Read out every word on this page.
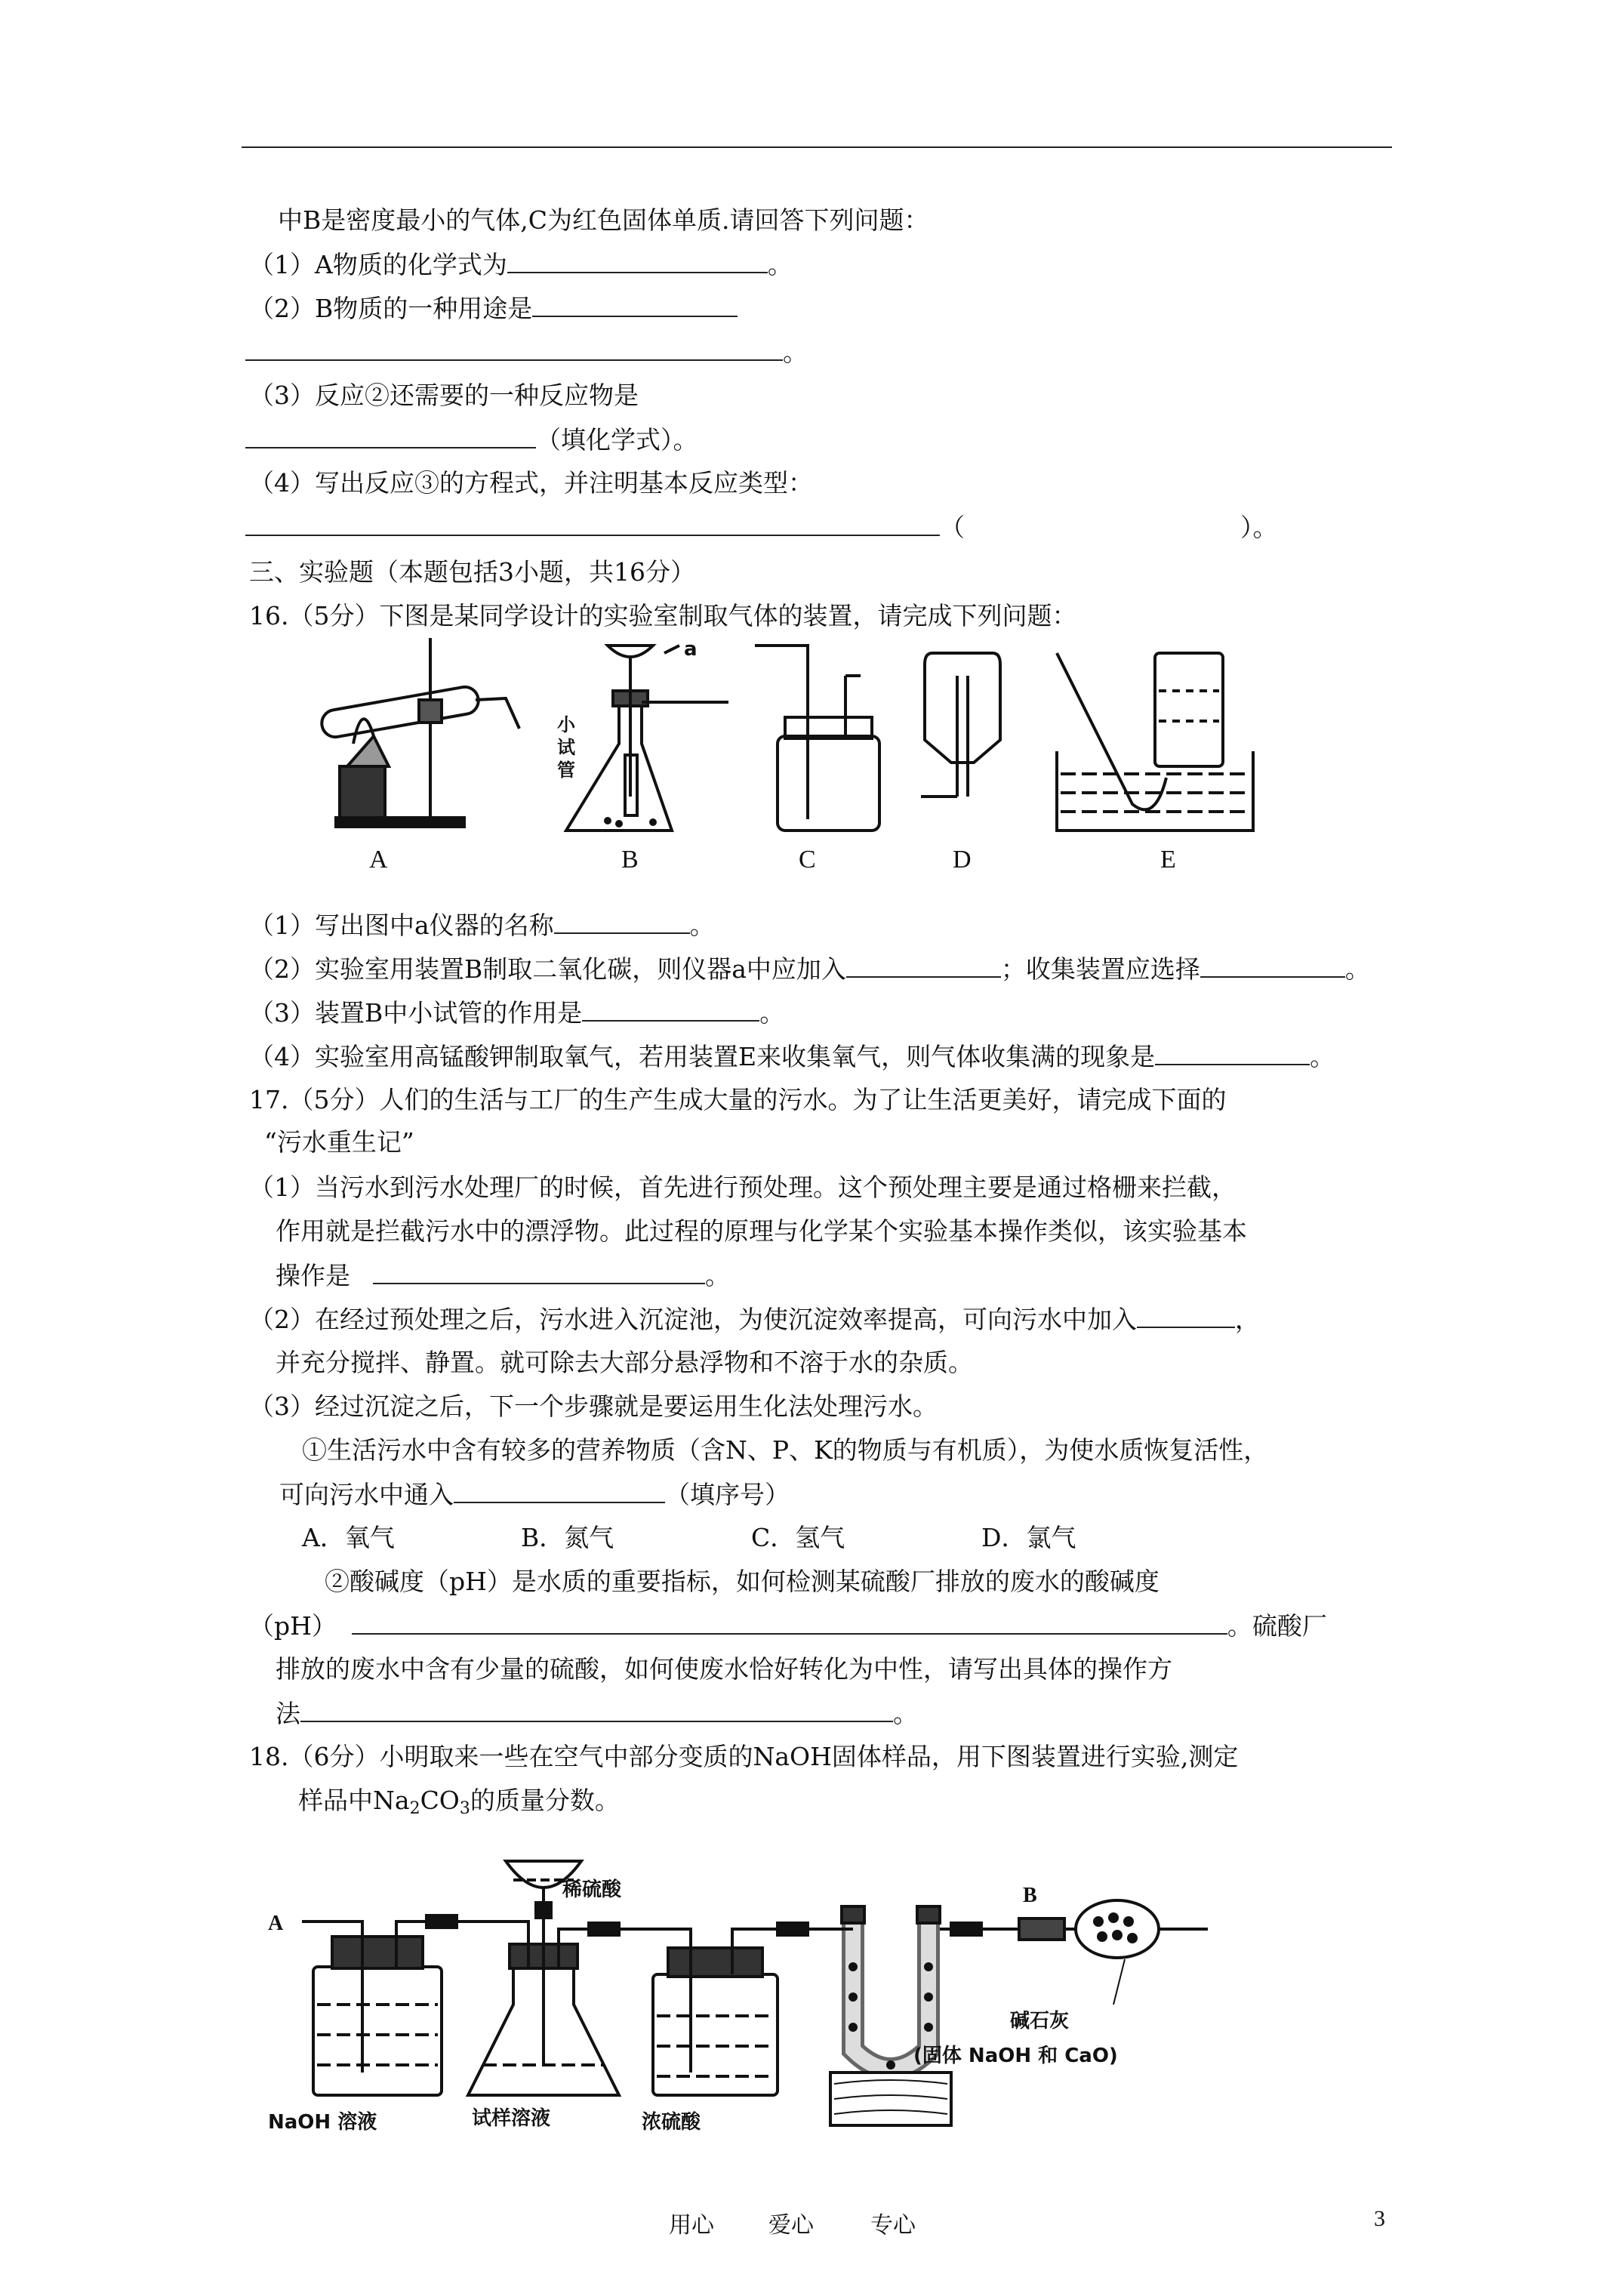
中B是密度最小的气体,C为红色固体单质.请回答下列问题：
（1）A物质的化学式为	。
（2）B物质的一种用途是
。
（3）反应②还需要的一种反应物是
（填化学式）。
（4）写出反应③的方程式，并注明基本反应类型：
（	）。
三、实验题（本题包括3小题，共16分）
16.（5分）下图是某同学设计的实验室制取气体的装置，请完成下列问题：
a
小
试
管
A	B	C	D	E
（1）写出图中a仪器的名称	。
（2）实验室用装置B制取二氧化碳，则仪器a中应加入	；收集装置应选择	。
（3）装置B中小试管的作用是	。
（4）实验室用高锰酸钾制取氧气，若用装置E来收集氧气，则气体收集满的现象是	。
17.（5分）人们的生活与工厂的生产生成大量的污水。为了让生活更美好，请完成下面的
“污水重生记”
（1）当污水到污水处理厂的时候，首先进行预处理。这个预处理主要是通过格栅来拦截，
作用就是拦截污水中的漂浮物。此过程的原理与化学某个实验基本操作类似，该实验基本
操作是	。
（2）在经过预处理之后，污水进入沉淀池，为使沉淀效率提高，可向污水中加入	，
并充分搅拌、静置。就可除去大部分悬浮物和不溶于水的杂质。
（3）经过沉淀之后，下一个步骤就是要运用生化法处理污水。
①生活污水中含有较多的营养物质（含N、P、K的物质与有机质），为使水质恢复活性，
可向污水中通入	（填序号）
A．氧气	B．氮气	C．氢气	D．氯气
②酸碱度（pH）是水质的重要指标，如何检测某硫酸厂排放的废水的酸碱度
（pH）	。硫酸厂
排放的废水中含有少量的硫酸，如何使废水恰好转化为中性，请写出具体的操作方
法	。
18.（6分）小明取来一些在空气中部分变质的NaOH固体样品，用下图装置进行实验,测定
样品中$Na_2CO_3$的质量分数。
A
B
稀硫酸
碱石灰
(固体 NaOH 和 CaO)
NaOH 溶液	试样溶液	浓硫酸
用心 爱心	专心	3
